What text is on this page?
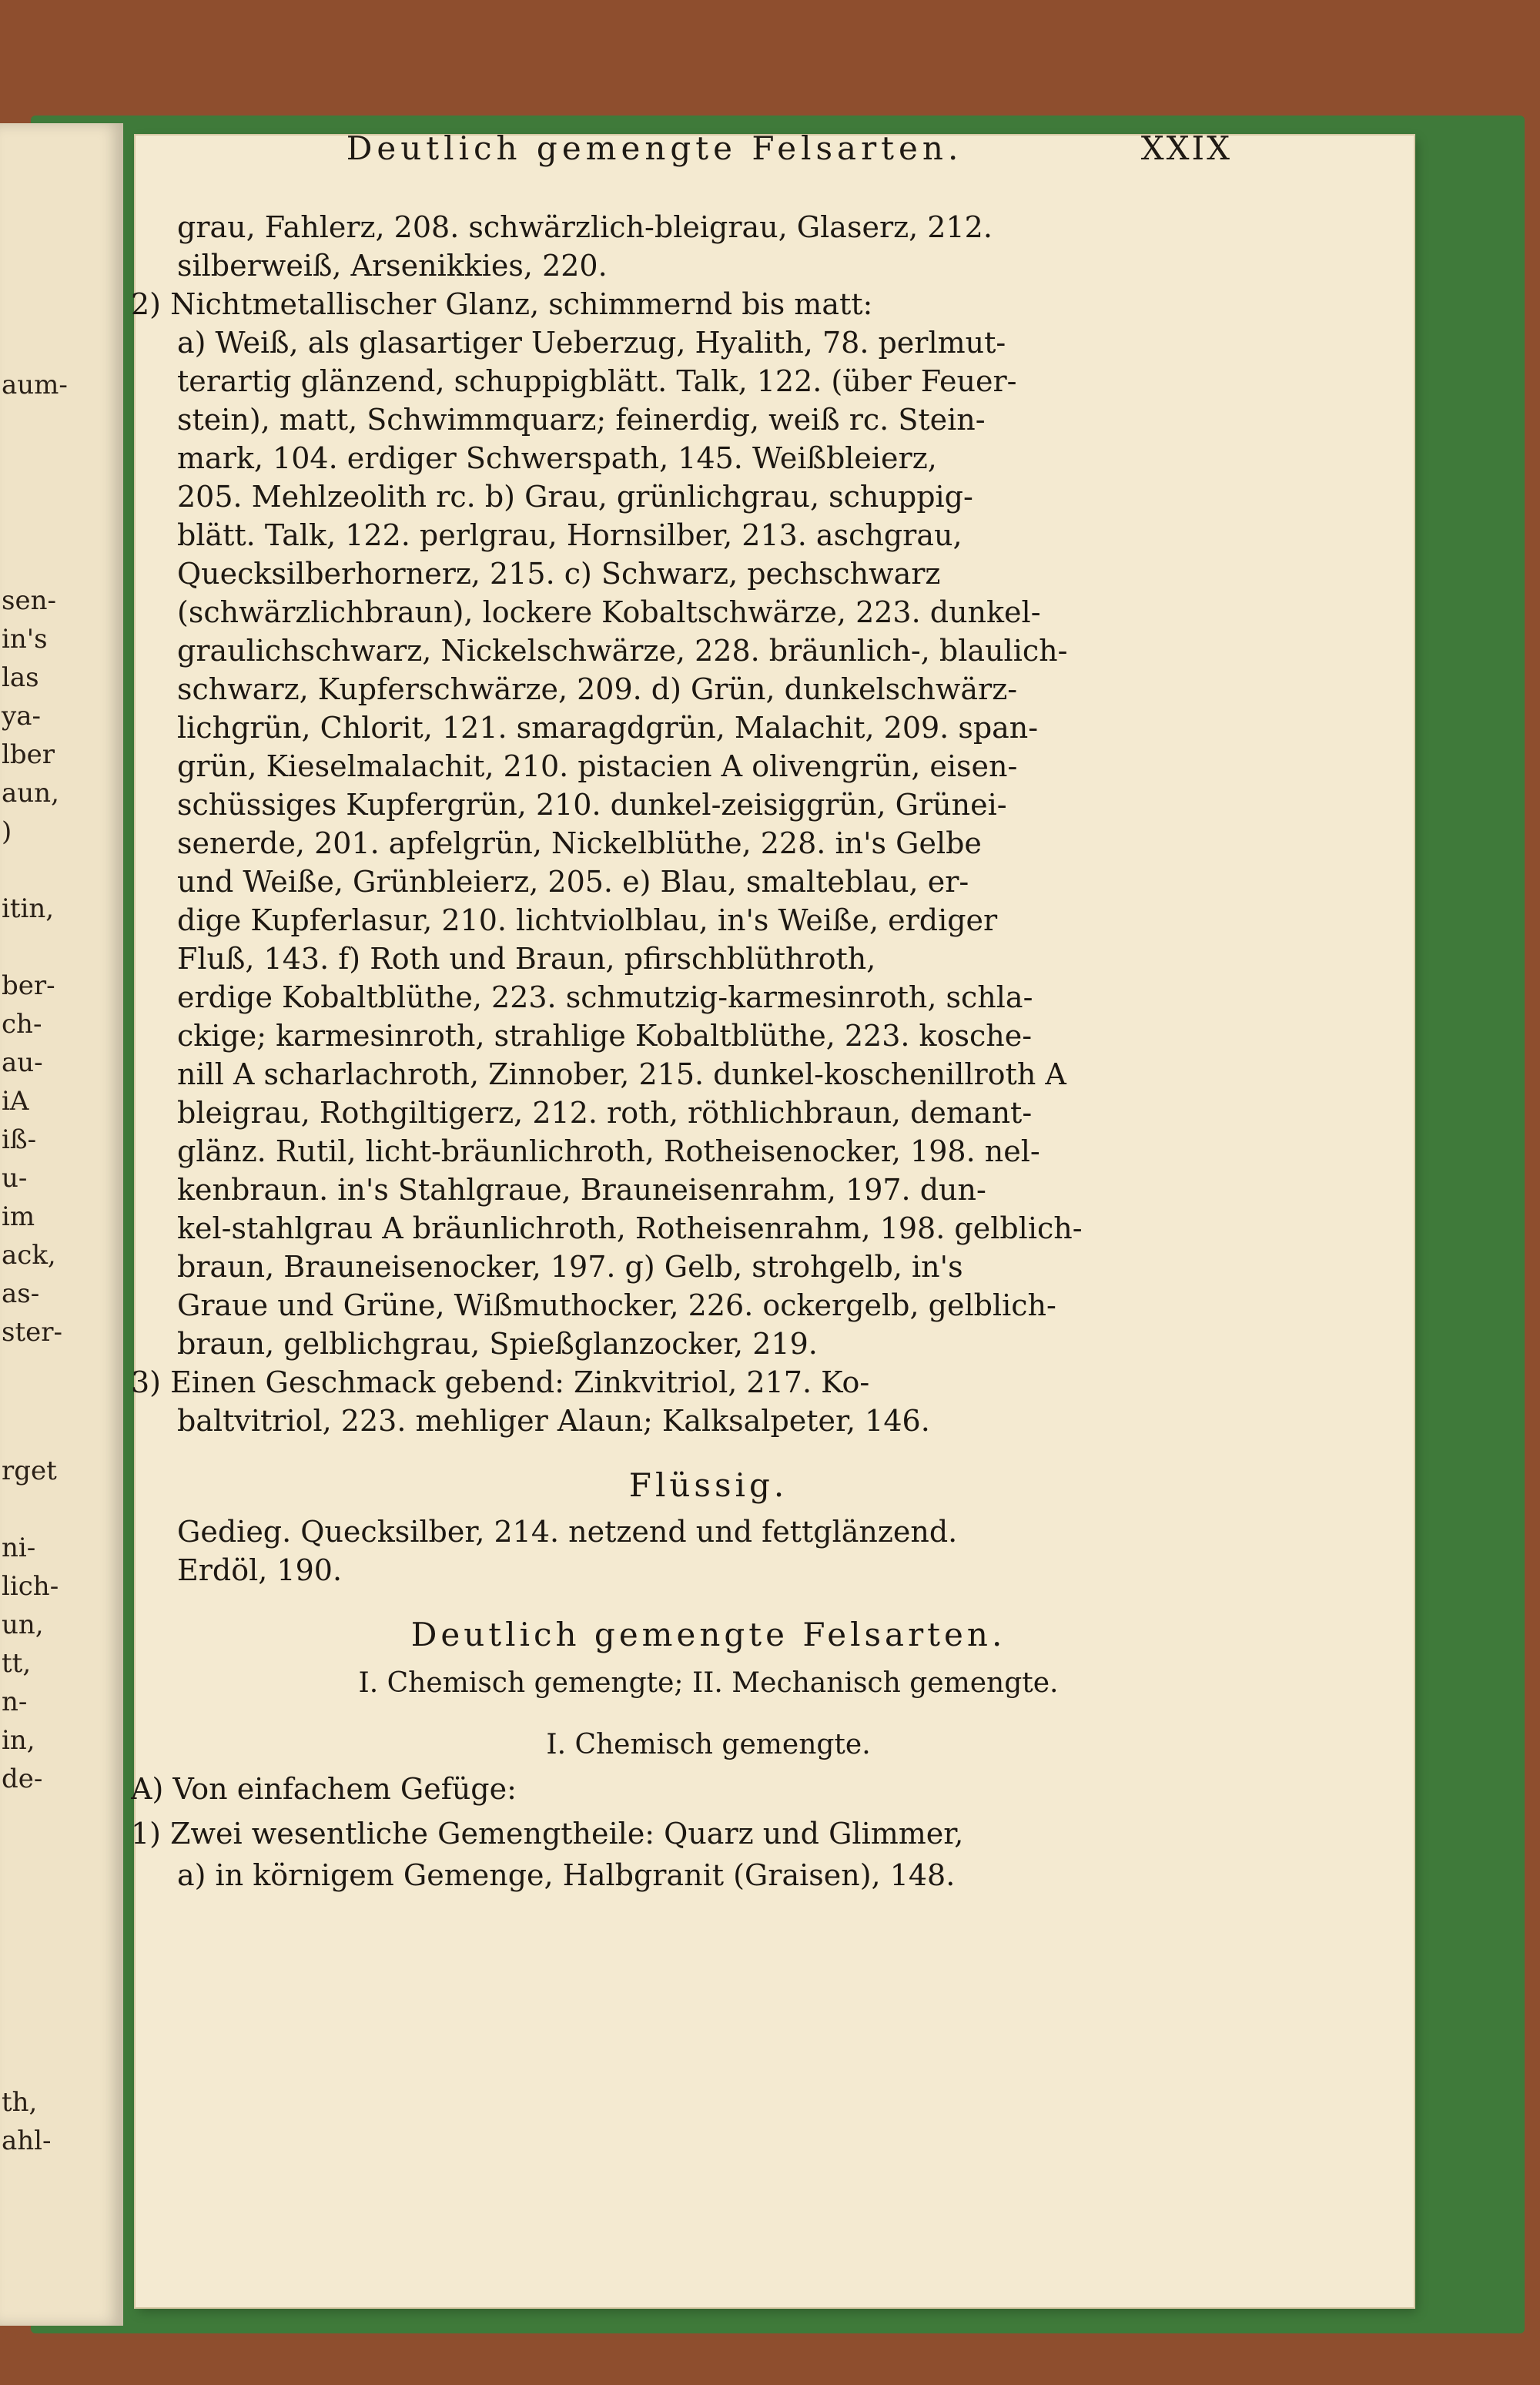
aum-
sen-
in's
las
ya-
lber
aun,
)
itin,
ber-
ch-
au-
iA
iß-
u-
im
ack,
as-
ster-
rget
ni-
lich-
un,
tt,
n-
in,
de-
th,
ahl-
Deutlich gemengte Felsarten.	XXIX
grau, Fahlerz, 208. schwärzlich-bleigrau, Glaserz, 212.
silberweiß, Arsenikkies, 220.
2) Nichtmetallischer Glanz, schimmernd bis matt:
a) Weiß, als glasartiger Ueberzug, Hyalith, 78. perlmut-
terartig glänzend, schuppigblätt. Talk, 122. (über Feuer-
stein), matt, Schwimmquarz; feinerdig, weiß rc. Stein-
mark, 104. erdiger Schwerspath, 145. Weißbleierz,
205. Mehlzeolith rc. b) Grau, grünlichgrau, schuppig-
blätt. Talk, 122. perlgrau, Hornsilber, 213. aschgrau,
Quecksilberhornerz, 215. c) Schwarz, pechschwarz
(schwärzlichbraun), lockere Kobaltschwärze, 223. dunkel-
graulichschwarz, Nickelschwärze, 228. bräunlich-, blaulich-
schwarz, Kupferschwärze, 209. d) Grün, dunkelschwärz-
lichgrün, Chlorit, 121. smaragdgrün, Malachit, 209. span-
grün, Kieselmalachit, 210. pistacien A olivengrün, eisen-
schüssiges Kupfergrün, 210. dunkel-zeisiggrün, Grünei-
senerde, 201. apfelgrün, Nickelblüthe, 228. in's Gelbe
und Weiße, Grünbleierz, 205. e) Blau, smalteblau, er-
dige Kupferlasur, 210. lichtviolblau, in's Weiße, erdiger
Fluß, 143. f) Roth und Braun, pfirschblüthroth,
erdige Kobaltblüthe, 223. schmutzig-karmesinroth, schla-
ckige; karmesinroth, strahlige Kobaltblüthe, 223. kosche-
nill A scharlachroth, Zinnober, 215. dunkel-koschenillroth A
bleigrau, Rothgiltigerz, 212. roth, röthlichbraun, demant-
glänz. Rutil, licht-bräunlichroth, Rotheisenocker, 198. nel-
kenbraun. in's Stahlgraue, Brauneisenrahm, 197. dun-
kel-stahlgrau A bräunlichroth, Rotheisenrahm, 198. gelblich-
braun, Brauneisenocker, 197. g) Gelb, strohgelb, in's
Graue und Grüne, Wißmuthocker, 226. ockergelb, gelblich-
braun, gelblichgrau, Spießglanzocker, 219.
3) Einen Geschmack gebend: Zinkvitriol, 217. Ko-
baltvitriol, 223. mehliger Alaun; Kalksalpeter, 146.
Flüssig.
Gedieg. Quecksilber, 214. netzend und fettglänzend.
Erdöl, 190.
Deutlich gemengte Felsarten.
I. Chemisch gemengte; II. Mechanisch gemengte.
I. Chemisch gemengte.
A) Von einfachem Gefüge:
1) Zwei wesentliche Gemengtheile: Quarz und Glimmer,
a) in körnigem Gemenge, Halbgranit (Graisen), 148.
